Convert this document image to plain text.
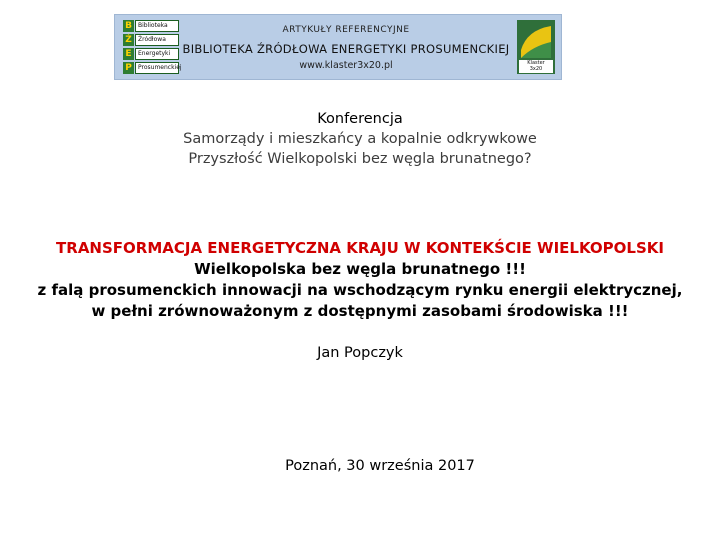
B	Biblioteka
Ź	Źródłowa
E	Energetyki
P	Prosumenckiej
ARTYKUŁY REFERENCYJNE
BIBLIOTEKA ŹRÓDŁOWA ENERGETYKI PROSUMENCKIEJ
www.klaster3x20.pl	Klaster
3x20
Konferencja
Samorządy i mieszkańcy a kopalnie odkrywkowe
Przyszłość Wielkopolski bez węgla brunatnego?
TRANSFORMACJA ENERGETYCZNA KRAJU W KONTEKŚCIE WIELKOPOLSKI
Wielkopolska bez węgla brunatnego !!!
z falą prosumenckich innowacji na wschodzącym rynku energii elektrycznej,
w pełni zrównoważonym z dostępnymi zasobami środowiska !!!
Jan Popczyk
Poznań, 30 września 2017
